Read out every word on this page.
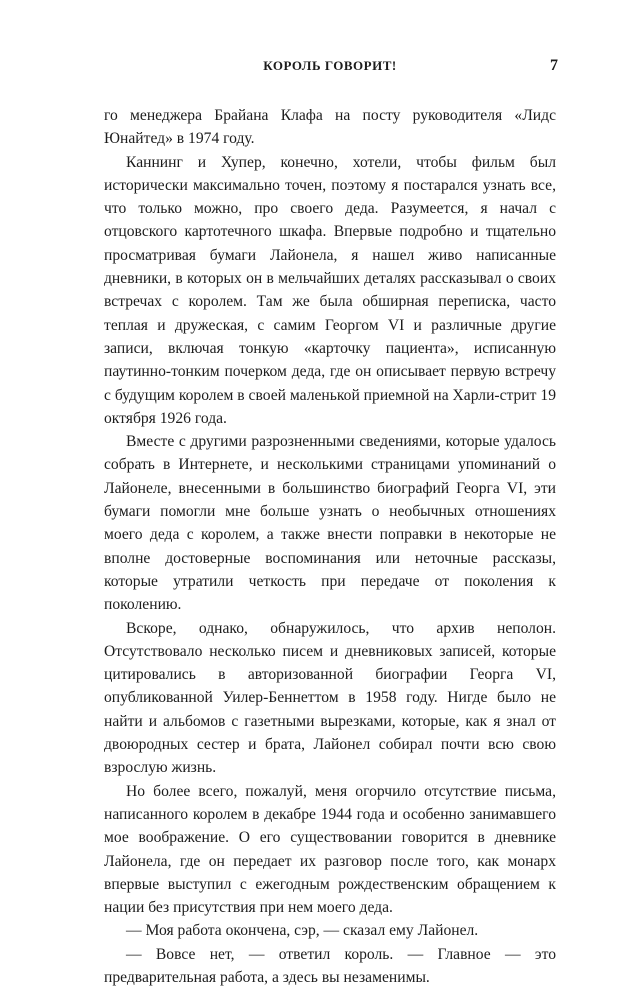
КОРОЛЬ ГОВОРИТ!	7

го менеджера Брайана Клафа на посту руководителя «Лидс Юнайтед» в 1974 году.

Каннинг и Хупер, конечно, хотели, чтобы фильм был исторически максимально точен, поэтому я постарался узнать все, что только можно, про своего деда. Разумеется, я начал с отцовского картотечного шкафа. Впервые подробно и тщательно просматривая бумаги Лайонела, я нашел живо написанные дневники, в которых он в мельчайших деталях рассказывал о своих встречах с королем. Там же была обширная переписка, часто теплая и дружеская, с самим Георгом VI и различные другие записи, включая тонкую «карточку пациента», исписанную паутинно-тонким почерком деда, где он описывает первую встречу с будущим королем в своей маленькой приемной на Харли-стрит 19 октября 1926 года.

Вместе с другими разрозненными сведениями, которые удалось собрать в Интернете, и несколькими страницами упоминаний о Лайонеле, внесенными в большинство биографий Георга VI, эти бумаги помогли мне больше узнать о необычных отношениях моего деда с королем, а также внести поправки в некоторые не вполне достоверные воспоминания или неточные рассказы, которые утратили четкость при передаче от поколения к поколению.

Вскоре, однако, обнаружилось, что архив неполон. Отсутствовало несколько писем и дневниковых записей, которые цитировались в авторизованной биографии Георга VI, опубликованной Уилер-Беннеттом в 1958 году. Нигде было не найти и альбомов с газетными вырезками, которые, как я знал от двоюродных сестер и брата, Лайонел собирал почти всю свою взрослую жизнь.

Но более всего, пожалуй, меня огорчило отсутствие письма, написанного королем в декабре 1944 года и особенно занимавшего мое воображение. О его существовании говорится в дневнике Лайонела, где он передает их разговор после того, как монарх впервые выступил с ежегодным рождественским обращением к нации без присутствия при нем моего деда.

— Моя работа окончена, сэр, — сказал ему Лайонел.

— Вовсе нет, — ответил король. — Главное — это предварительная работа, а здесь вы незаменимы.
